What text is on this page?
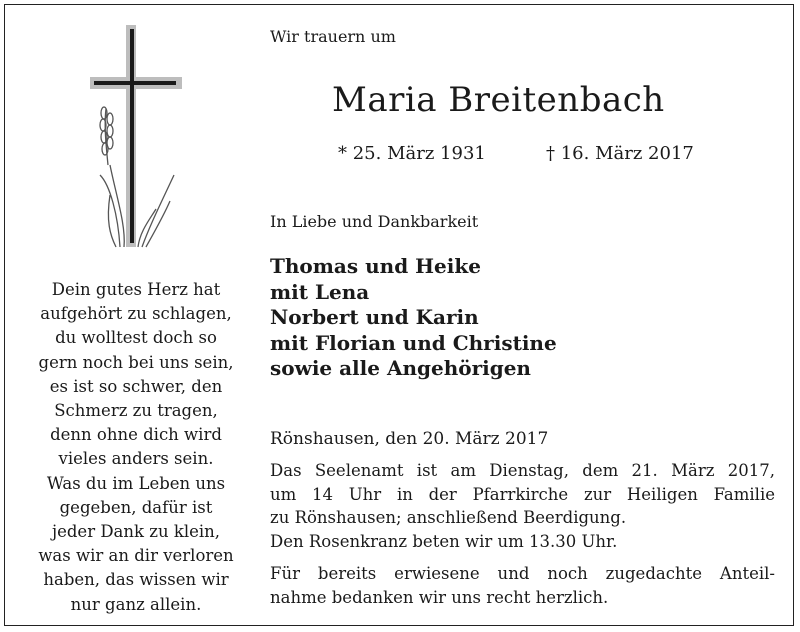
Dein gutes Herz hat
aufgehört zu schlagen,
du wolltest doch so
gern noch bei uns sein,
es ist so schwer, den
Schmerz zu tragen,
denn ohne dich wird
vieles anders sein.
Was du im Leben uns
gegeben, dafür ist
jeder Dank zu klein,
was wir an dir verloren
haben, das wissen wir
nur ganz allein.
Wir trauern um
Maria Breitenbach
* 25. März 1931	† 16. März 2017
In Liebe und Dankbarkeit
Thomas und Heike
mit Lena
Norbert und Karin
mit Florian und Christine
sowie alle Angehörigen
Rönshausen, den 20. März 2017
Das Seelenamt ist am Dienstag, dem 21. März 2017,
um 14 Uhr in der Pfarrkirche zur Heiligen Familie
zu Rönshausen; anschließend Beerdigung.
Den Rosenkranz beten wir um 13.30 Uhr.
Für bereits erwiesene und noch zugedachte Anteil-
nahme bedanken wir uns recht herzlich.
